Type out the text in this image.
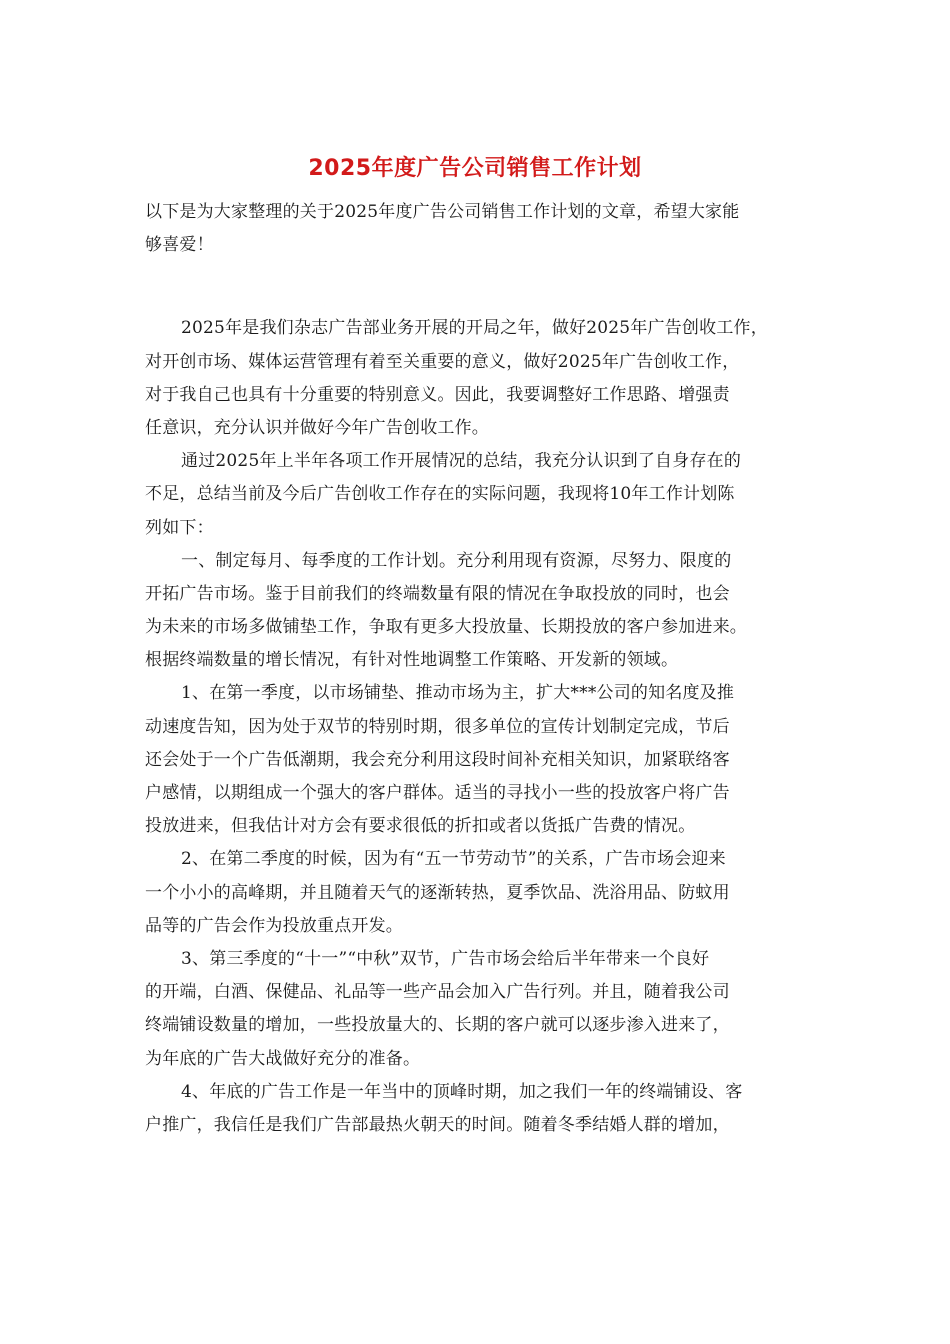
2025年度广告公司销售工作计划
以下是为大家整理的关于2025年度广告公司销售工作计划的文章，希望大家能
够喜爱！
2025年是我们杂志广告部业务开展的开局之年，做好2025年广告创收工作，
对开创市场、媒体运营管理有着至关重要的意义，做好2025年广告创收工作，
对于我自己也具有十分重要的特别意义。因此，我要调整好工作思路、增强责
任意识，充分认识并做好今年广告创收工作。
通过2025年上半年各项工作开展情况的总结，我充分认识到了自身存在的
不足，总结当前及今后广告创收工作存在的实际问题，我现将10年工作计划陈
列如下：
一、制定每月、每季度的工作计划。充分利用现有资源，尽努力、限度的
开拓广告市场。鉴于目前我们的终端数量有限的情况在争取投放的同时，也会
为未来的市场多做铺垫工作，争取有更多大投放量、长期投放的客户参加进来。
根据终端数量的增长情况，有针对性地调整工作策略、开发新的领域。
1、在第一季度，以市场铺垫、推动市场为主，扩大***公司的知名度及推
动速度告知，因为处于双节的特别时期，很多单位的宣传计划制定完成，节后
还会处于一个广告低潮期，我会充分利用这段时间补充相关知识，加紧联络客
户感情，以期组成一个强大的客户群体。适当的寻找小一些的投放客户将广告
投放进来，但我估计对方会有要求很低的折扣或者以货抵广告费的情况。
2、在第二季度的时候，因为有“五一节劳动节”的关系，广告市场会迎来
一个小小的高峰期，并且随着天气的逐渐转热，夏季饮品、洗浴用品、防蚊用
品等的广告会作为投放重点开发。
3、第三季度的“十一”“中秋”双节，广告市场会给后半年带来一个良好
的开端，白酒、保健品、礼品等一些产品会加入广告行列。并且，随着我公司
终端铺设数量的增加，一些投放量大的、长期的客户就可以逐步渗入进来了，
为年底的广告大战做好充分的准备。
4、年底的广告工作是一年当中的顶峰时期，加之我们一年的终端铺设、客
户推广，我信任是我们广告部最热火朝天的时间。随着冬季结婚人群的增加，
